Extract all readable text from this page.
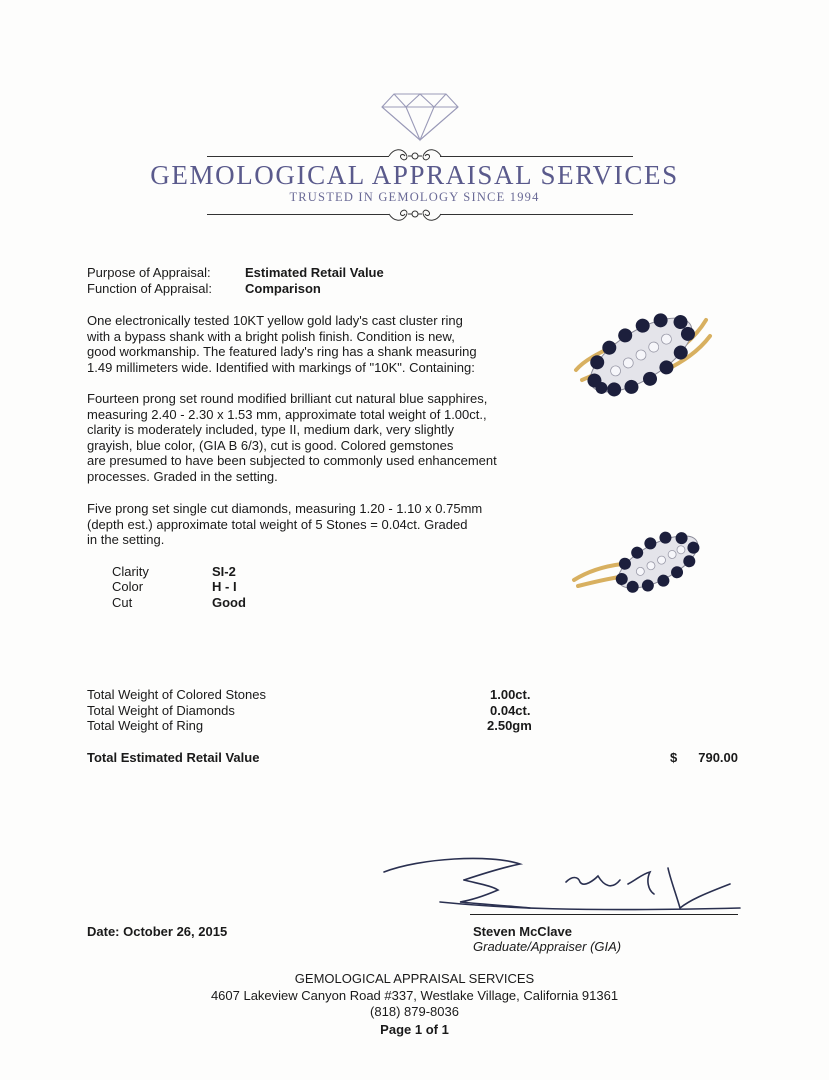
GEMOLOGICAL APPRAISAL SERVICES
TRUSTED IN GEMOLOGY SINCE 1994
Purpose of Appraisal:	Estimated Retail Value
Function of Appraisal:	Comparison
One electronically tested 10KT yellow gold lady's cast cluster ring
with a bypass shank with a bright polish finish. Condition is new,
good workmanship. The featured lady's ring has a shank measuring
1.49 millimeters wide. Identified with markings of "10K". Containing:
Fourteen prong set round modified brilliant cut natural blue sapphires,
measuring 2.40 - 2.30 x 1.53 mm, approximate total weight of 1.00ct.,
clarity is moderately included, type II, medium dark, very slightly
grayish, blue color, (GIA B 6/3), cut is good. Colored gemstones
are presumed to have been subjected to commonly used enhancement
processes. Graded in the setting.
Five prong set single cut diamonds, measuring 1.20 - 1.10 x 0.75mm
(depth est.) approximate total weight of 5 Stones = 0.04ct. Graded
in the setting.
Clarity	SI-2
Color	H - I
Cut	Good
Total Weight of Colored Stones	1.00ct.
Total Weight of Diamonds	0.04ct.
Total Weight of Ring	2.50gm
Total Estimated Retail Value	$	790.00
Date: October 26, 2015	Steven McClave
Graduate/Appraiser (GIA)
GEMOLOGICAL APPRAISAL SERVICES
4607 Lakeview Canyon Road #337, Westlake Village, California 91361
(818) 879-8036
Page 1 of 1
